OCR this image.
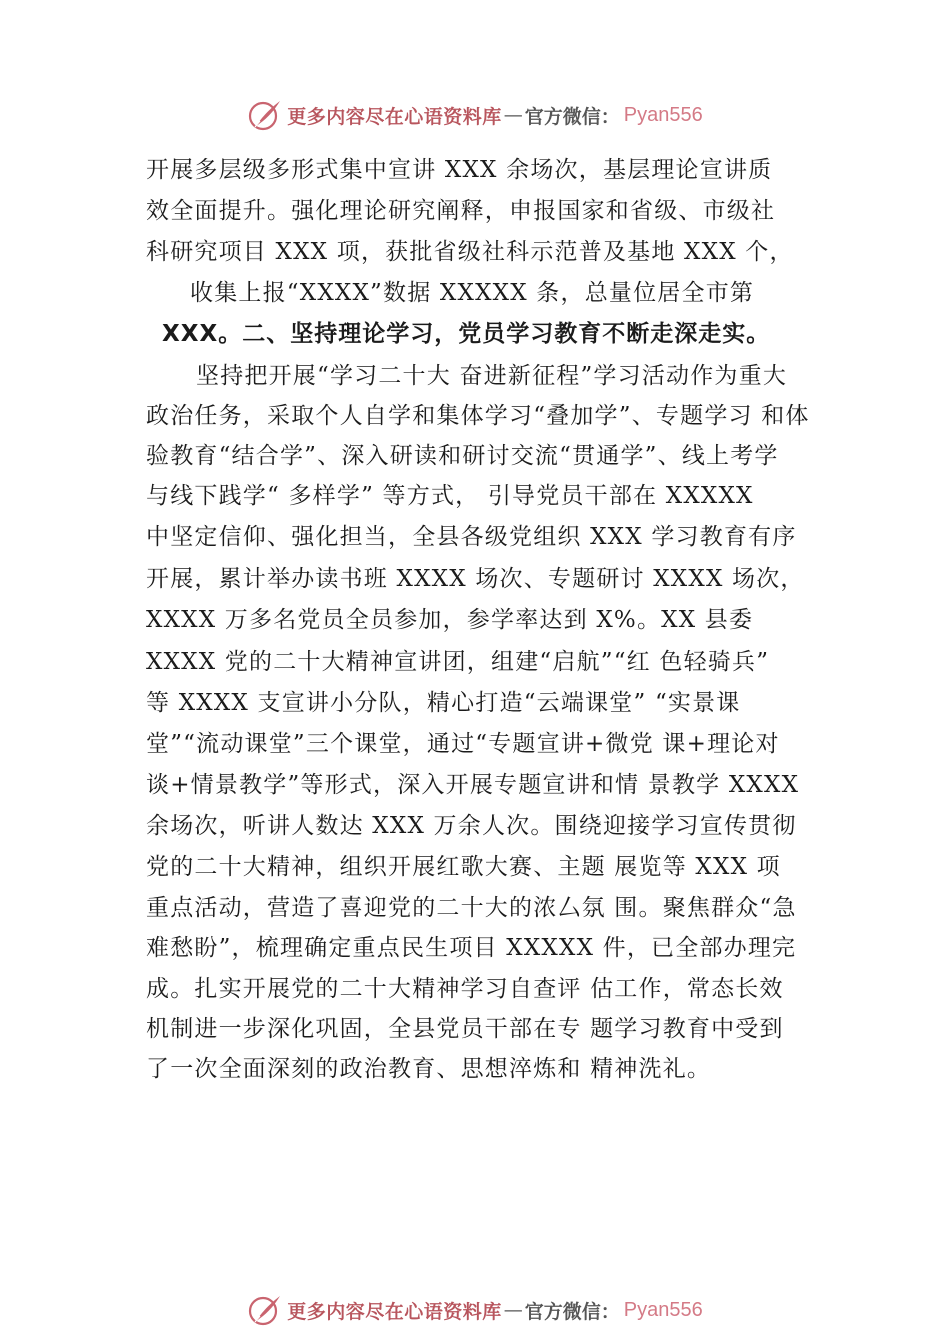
更多内容尽在心语资料库 — 官方微信： Pyan556
开展多层级多形式集中宣讲 XXX 余场次，基层理论宣讲质
效全面提升。强化理论研究阐释，申报国家和省级、市级社
科研究项目 XXX 项，获批省级社科示范普及基地 XXX 个，
收集上报“XXXX”数据 XXXXX 条，总量位居全市第
XXX。二、坚持理论学习，党员学习教育不断走深走实。
坚持把开展“学习二十大 奋进新征程”学习活动作为重大
政治任务，采取个人自学和集体学习“叠加学”、专题学习 和体
验教育“结合学”、深入研读和研讨交流“贯通学”、线上考学
与线下践学“ 多样学” 等方式， 引导党员干部在 XXXXX
中坚定信仰、强化担当，全县各级党组织 XXX 学习教育有序
开展，累计举办读书班 XXXX 场次、专题研讨 XXXX 场次，
XXXX 万多名党员全员参加，参学率达到 X%。XX 县委
XXXX 党的二十大精神宣讲团，组建“启航”“红 色轻骑兵”
等 XXXX 支宣讲小分队，精心打造“云端课堂” “实景课
堂”“流动课堂”三个课堂，通过“专题宣讲+微党 课+理论对
谈+情景教学”等形式，深入开展专题宣讲和情 景教学 XXXX
余场次，听讲人数达 XXX 万余人次。围绕迎接学习宣传贯彻
党的二十大精神，组织开展红歌大赛、主题 展览等 XXX 项
重点活动，营造了喜迎党的二十大的浓厶氛 围。聚焦群众“急
难愁盼”，梳理确定重点民生项目 XXXXX 件，已全部办理完
成。扎实开展党的二十大精神学习自查评 估工作，常态长效
机制进一步深化巩固，全县党员干部在专 题学习教育中受到
了一次全面深刻的政治教育、思想淬炼和 精神洗礼。
更多内容尽在心语资料库 — 官方微信： Pyan556
